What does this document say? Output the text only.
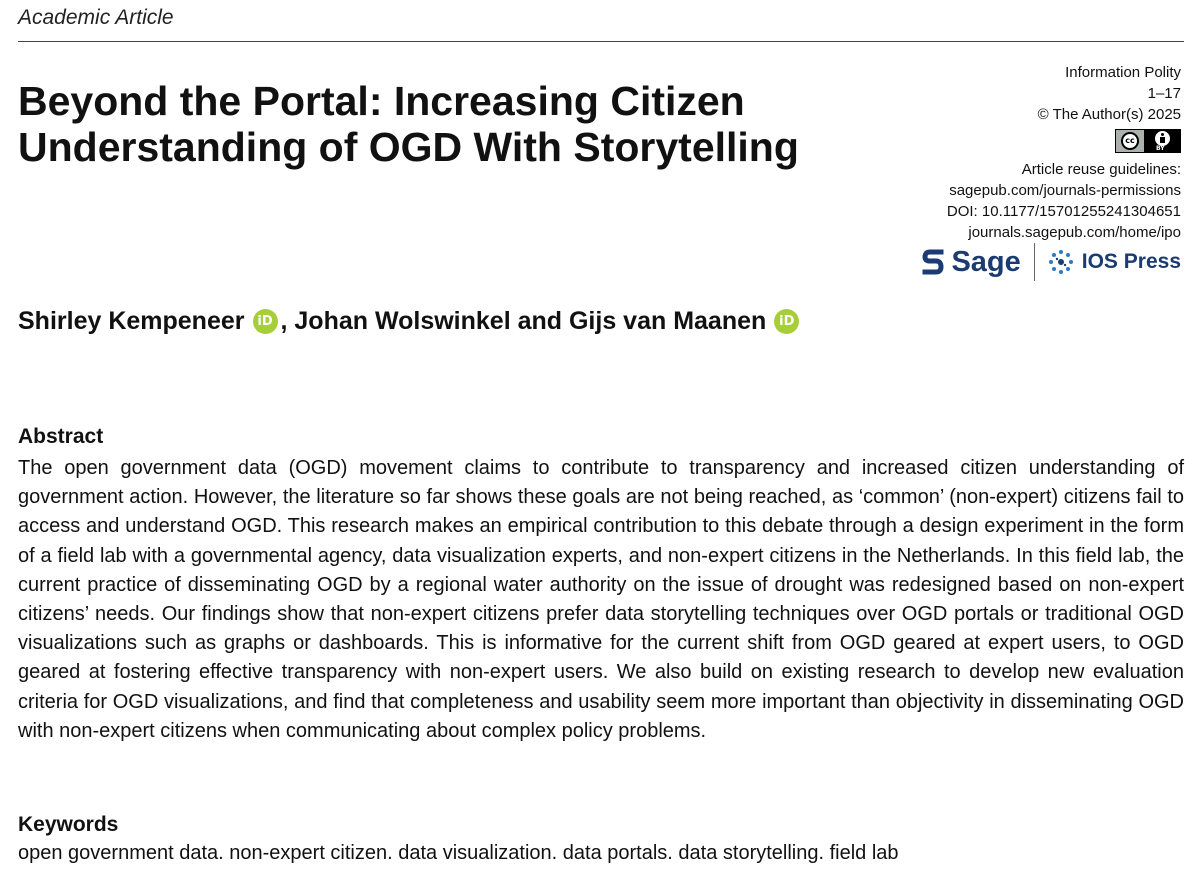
Academic Article
Beyond the Portal: Increasing Citizen Understanding of OGD With Storytelling
Information Polity
1–17
© The Author(s) 2025
cc
BY
Article reuse guidelines:
sagepub.com/journals-permissions
DOI: 10.1177/15701255241304651
journals.sagepub.com/home/ipo
Sage	IOS Press
Shirley Kempeneer iD , Johan Wolswinkel and Gijs van Maanen iD
Abstract

The open government data (OGD) movement claims to contribute to transparency and increased citizen understanding of government action. However, the literature so far shows these goals are not being reached, as ‘common’ (non-expert) citizens fail to access and understand OGD. This research makes an empirical contribution to this debate through a design experiment in the form of a field lab with a governmental agency, data visualization experts, and non-expert citizens in the Netherlands. In this field lab, the current practice of disseminating OGD by a regional water authority on the issue of drought was redesigned based on non-expert citizens’ needs. Our findings show that non-expert citizens prefer data storytelling techniques over OGD portals or traditional OGD visualizations such as graphs or dashboards. This is informative for the current shift from OGD geared at expert users, to OGD geared at fostering effective transparency with non-expert users. We also build on existing research to develop new evaluation criteria for OGD visualizations, and find that completeness and usability seem more important than objectivity in disseminating OGD with non-expert citizens when communicating about complex policy problems.

Keywords
open government data. non-expert citizen. data visualization. data portals. data storytelling. field lab
